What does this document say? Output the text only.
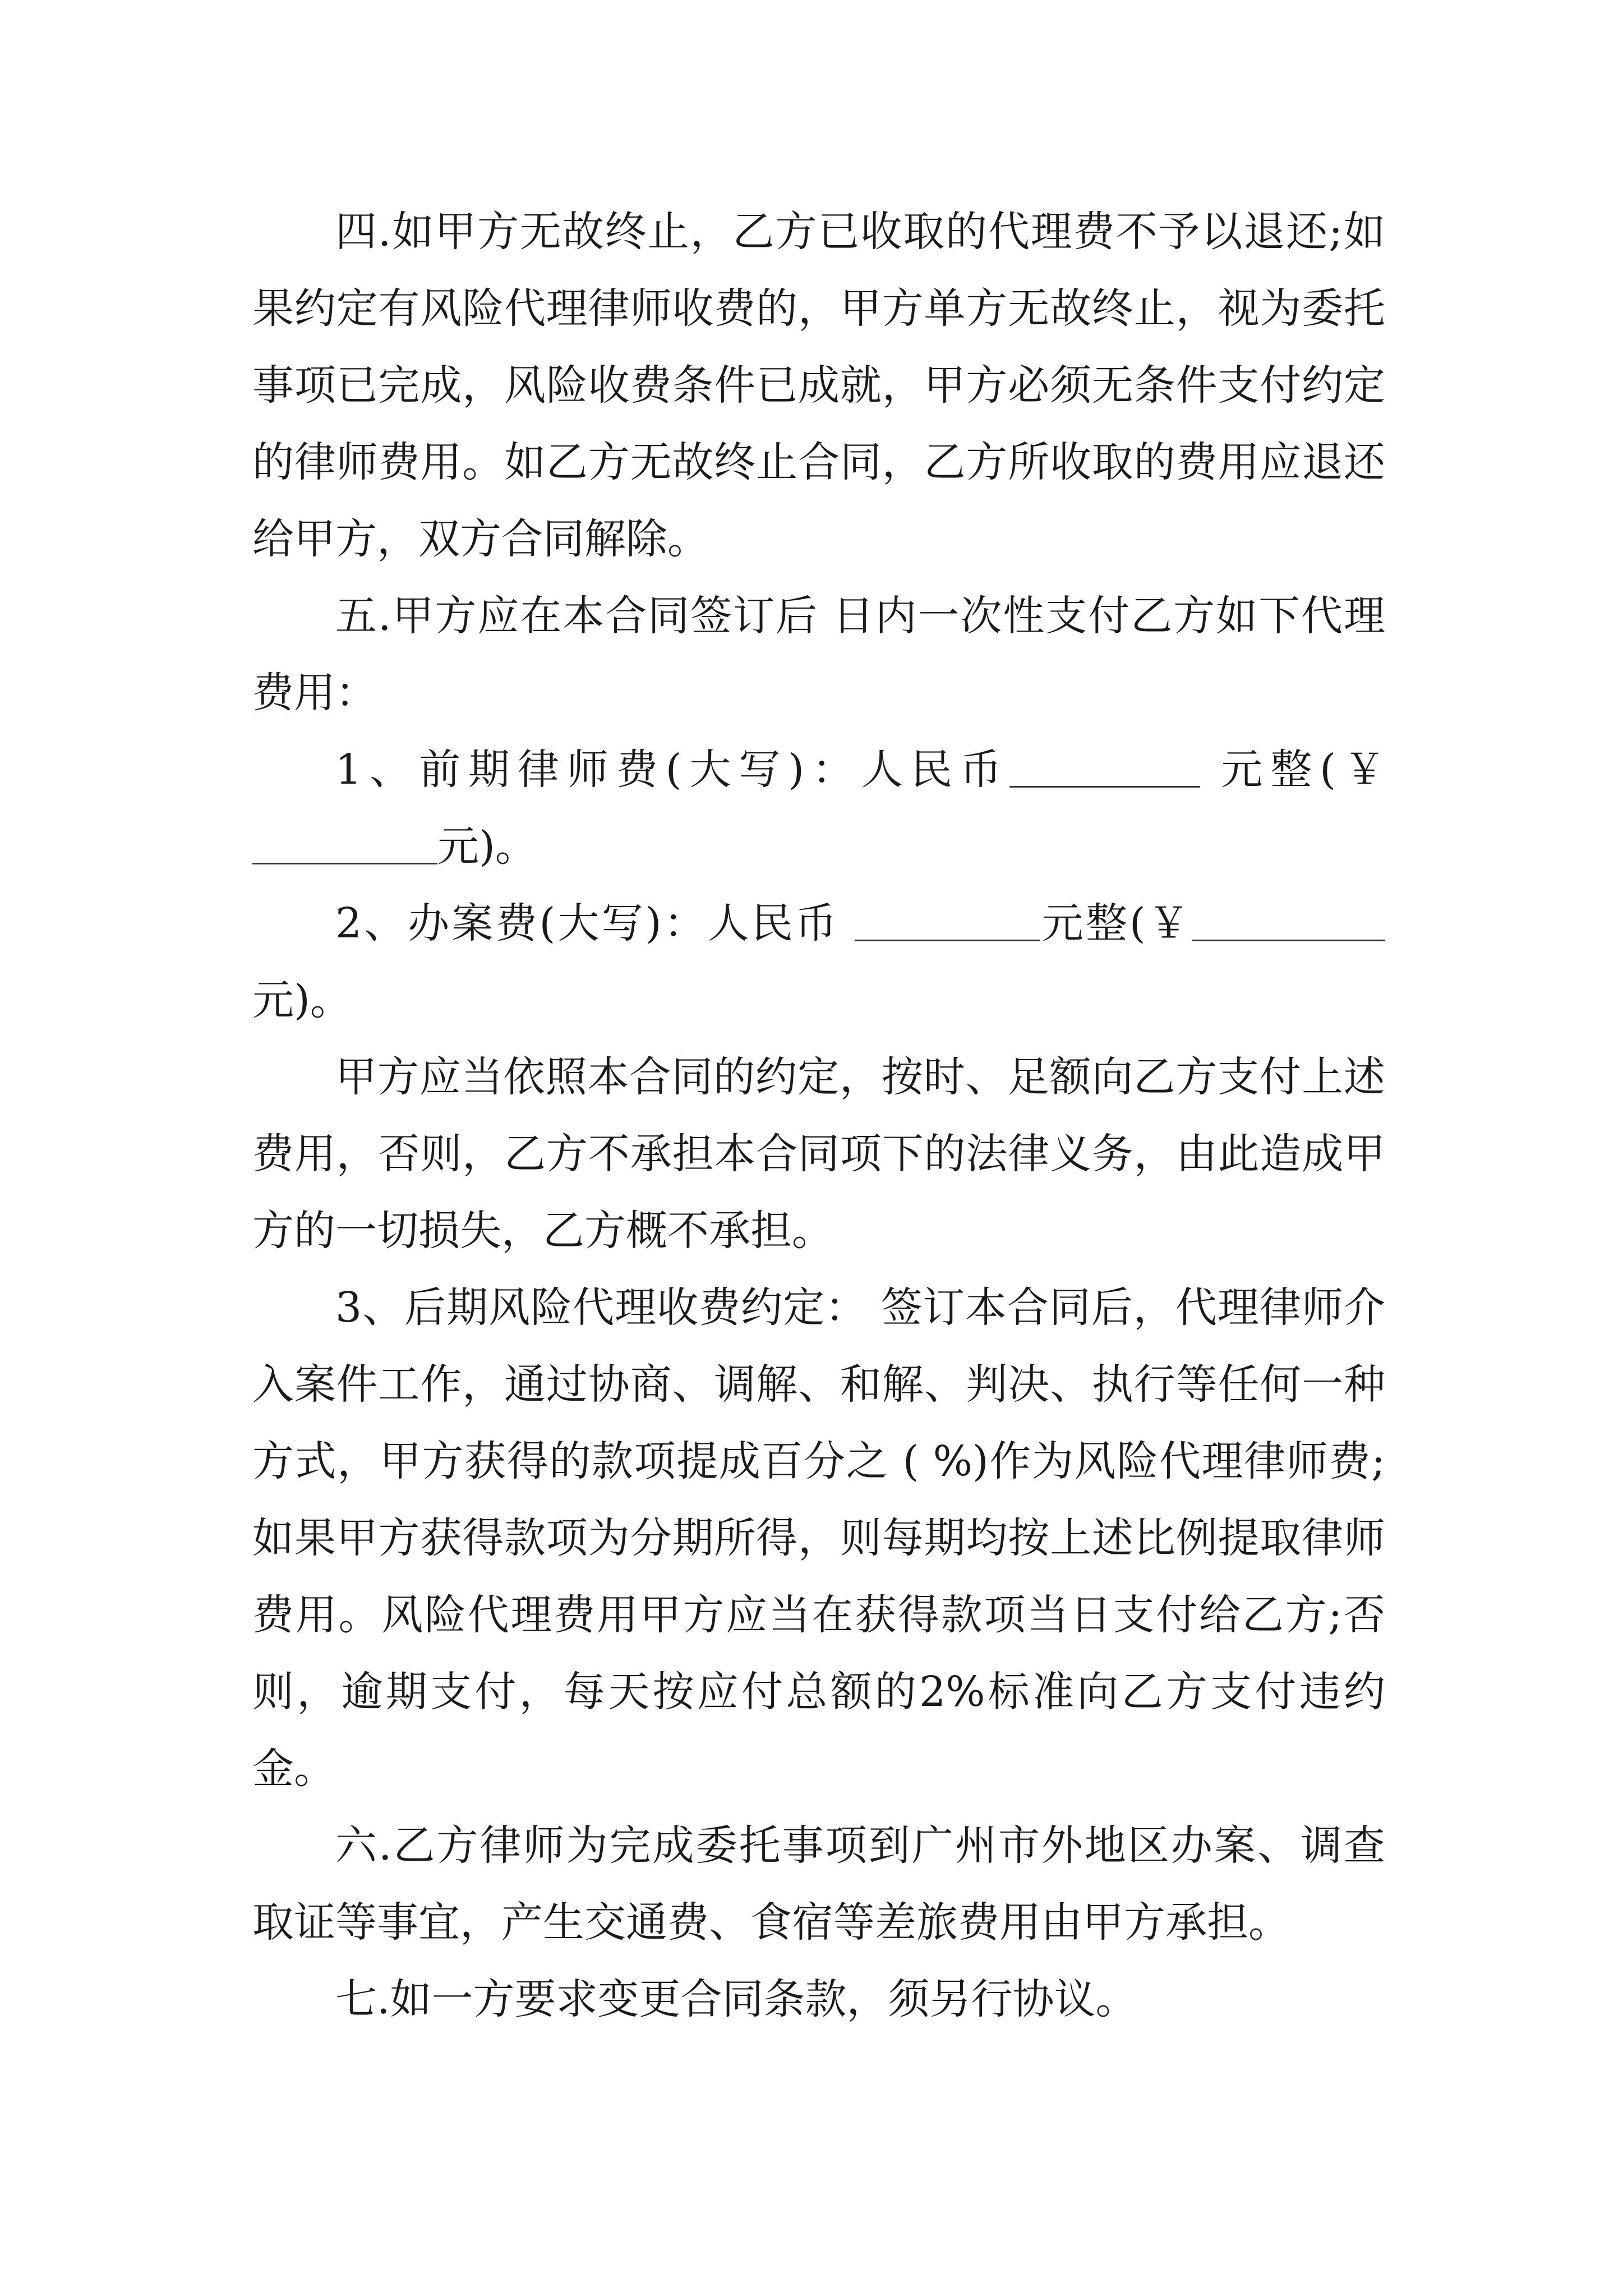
四.如甲方无故终止，乙方已收取的代理费不予以退还;如果约定有风险代理律师收费的，甲方单方无故终止，视为委托事项已完成，风险收费条件已成就，甲方必须无条件支付约定的律师费用。如乙方无故终止合同，乙方所收取的费用应退还给甲方，双方合同解除。

五.甲方应在本合同签订后 日内一次性支付乙方如下代理费用：

1、前期律师费(大写)：人民币	元整(￥ 元)。

2、办案费(大写)：人民币	元整(￥元)。

甲方应当依照本合同的约定，按时、足额向乙方支付上述费用，否则，乙方不承担本合同项下的法律义务，由此造成甲方的一切损失，乙方概不承担。

3、后期风险代理收费约定： 签订本合同后，代理律师介入案件工作，通过协商、调解、和解、判决、执行等任何一种方式，甲方获得的款项提成百分之 ( %)作为风险代理律师费;如果甲方获得款项为分期所得，则每期均按上述比例提取律师费用。风险代理费用甲方应当在获得款项当日支付给乙方;否则，逾期支付，每天按应付总额的2%标准向乙方支付违约金。

六.乙方律师为完成委托事项到广州市外地区办案、调查取证等事宜，产生交通费、食宿等差旅费用由甲方承担。

七.如一方要求变更合同条款，须另行协议。
